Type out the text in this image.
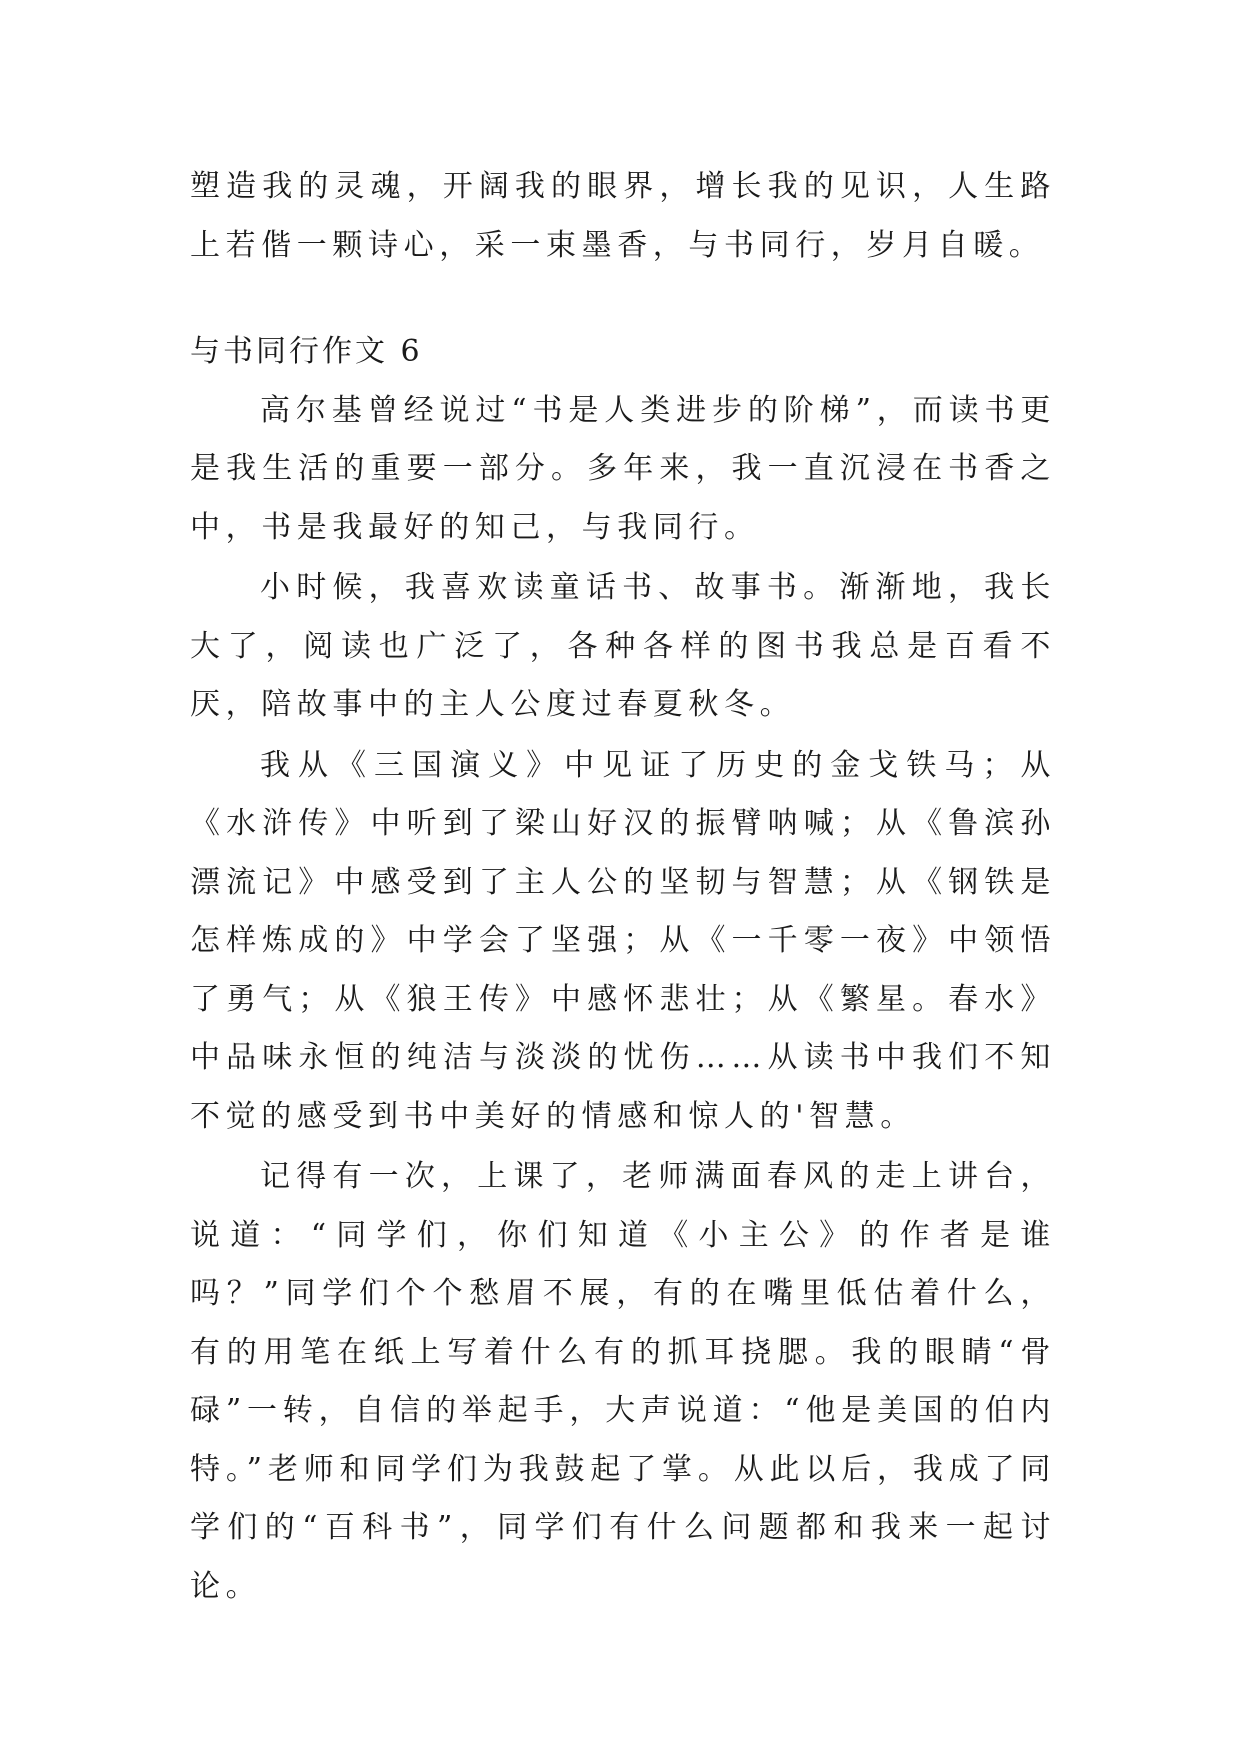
塑造我的灵魂，开阔我的眼界，增长我的见识，人生路上若偕一颗诗心，采一束墨香，与书同行，岁月自暖。

与书同行作文 6

高尔基曾经说过“书是人类进步的阶梯”，而读书更是我生活的重要一部分。多年来，我一直沉浸在书香之中，书是我最好的知己，与我同行。

小时候，我喜欢读童话书、故事书。渐渐地，我长大了，阅读也广泛了，各种各样的图书我总是百看不厌，陪故事中的主人公度过春夏秋冬。

我从《三国演义》中见证了历史的金戈铁马；从《水浒传》中听到了梁山好汉的振臂呐喊；从《鲁滨孙漂流记》中感受到了主人公的坚韧与智慧；从《钢铁是怎样炼成的》中学会了坚强；从《一千零一夜》中领悟了勇气；从《狼王传》中感怀悲壮；从《繁星。春水》中品味永恒的纯洁与淡淡的忧伤……从读书中我们不知不觉的感受到书中美好的情感和惊人的'智慧。

记得有一次，上课了，老师满面春风的走上讲台，说道：“同学们，你们知道《小主公》的作者是谁吗？”同学们个个愁眉不展，有的在嘴里低估着什么，有的用笔在纸上写着什么有的抓耳挠腮。我的眼睛“骨碌”一转，自信的举起手，大声说道：“他是美国的伯内特。”老师和同学们为我鼓起了掌。从此以后，我成了同学们的“百科书”，同学们有什么问题都和我来一起讨论。
